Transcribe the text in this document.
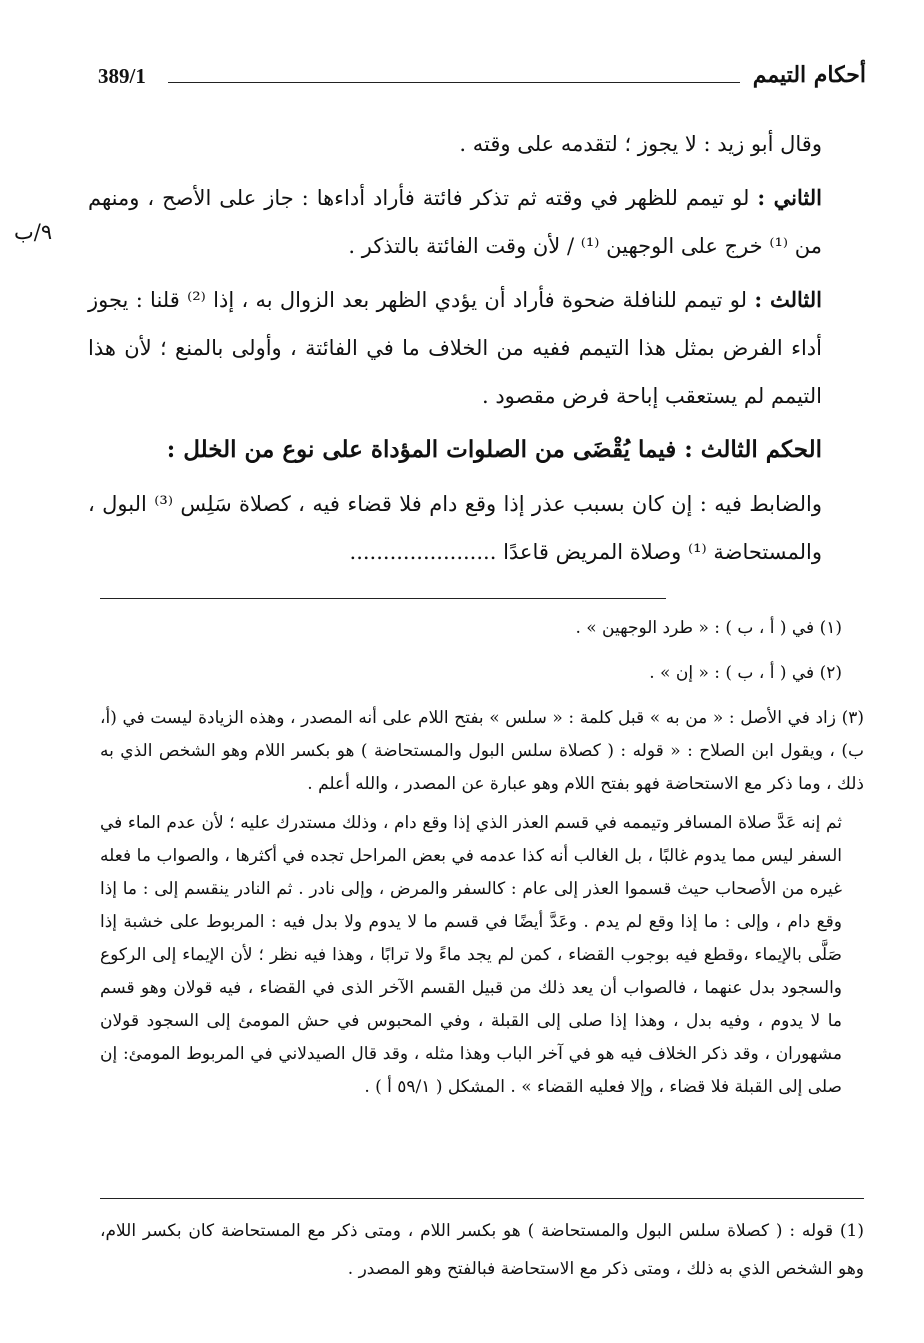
أحكام التيمم
389/1
٩/ب

وقال أبو زيد : لا يجوز ؛ لتقدمه على وقته .

الثاني : لو تيمم للظهر في وقته ثم تذكر فائتة فأراد أداءها : جاز على الأصح ، ومنهم من ⁽¹⁾ خرج على الوجهين ⁽¹⁾ / لأن وقت الفائتة بالتذكر .

الثالث : لو تيمم للنافلة ضحوة فأراد أن يؤدي الظهر بعد الزوال به ، إذا ⁽²⁾ قلنا : يجوز أداء الفرض بمثل هذا التيمم ففيه من الخلاف ما في الفائتة ، وأولى بالمنع ؛ لأن هذا التيمم لم يستعقب إباحة فرض مقصود .

الحكم الثالث : فيما يُقْضَى من الصلوات المؤداة على نوع من الخلل :

والضابط فيه : إن كان بسبب عذر إذا وقع دام فلا قضاء فيه ، كصلاة سَلِس ⁽³⁾ البول ، والمستحاضة ⁽¹⁾ وصلاة المريض قاعدًا ......................

(١) في ( أ ، ب ) : « طرد الوجهين » .

(٢) في ( أ ، ب ) : « إن » .

(٣) زاد في الأصل : « من به » قبل كلمة : « سلس » بفتح اللام على أنه المصدر ، وهذه الزيادة ليست في (أ، ب) ، ويقول ابن الصلاح : « قوله : ( كصلاة سلس البول والمستحاضة ) هو بكسر اللام وهو الشخص الذي به ذلك ، وما ذكر مع الاستحاضة فهو بفتح اللام وهو عبارة عن المصدر ، والله أعلم .

ثم إنه عَدَّ صلاة المسافر وتيممه في قسم العذر الذي إذا وقع دام ، وذلك مستدرك عليه ؛ لأن عدم الماء في السفر ليس مما يدوم غالبًا ، بل الغالب أنه كذا عدمه في بعض المراحل تجده في أكثرها ، والصواب ما فعله غيره من الأصحاب حيث قسموا العذر إلى عام : كالسفر والمرض ، وإلى نادر . ثم النادر ينقسم إلى : ما إذا وقع دام ، وإلى : ما إذا وقع لم يدم . وعَدَّ أيضًا في قسم ما لا يدوم ولا بدل فيه : المربوط على خشبة إذا صَلَّى بالإيماء ،وقطع فيه بوجوب القضاء ، كمن لم يجد ماءً ولا ترابًا ، وهذا فيه نظر ؛ لأن الإيماء إلى الركوع والسجود بدل عنهما ، فالصواب أن يعد ذلك من قبيل القسم الآخر الذى في القضاء ، فيه قولان وهو قسم ما لا يدوم ، وفيه بدل ، وهذا إذا صلى إلى القبلة ، وفي المحبوس في حش المومئ إلى السجود قولان مشهوران ، وقد ذكر الخلاف فيه هو في آخر الباب وهذا مثله ، وقد قال الصيدلاني في المربوط المومئ: إن صلى إلى القبلة فلا قضاء ، وإلا فعليه القضاء » . المشكل ( ٥٩/١ أ ) .

(1) قوله : ( كصلاة سلس البول والمستحاضة ) هو بكسر اللام ، ومتى ذكر مع المستحاضة كان بكسر اللام، وهو الشخص الذي به ذلك ، ومتى ذكر مع الاستحاضة فبالفتح وهو المصدر .
